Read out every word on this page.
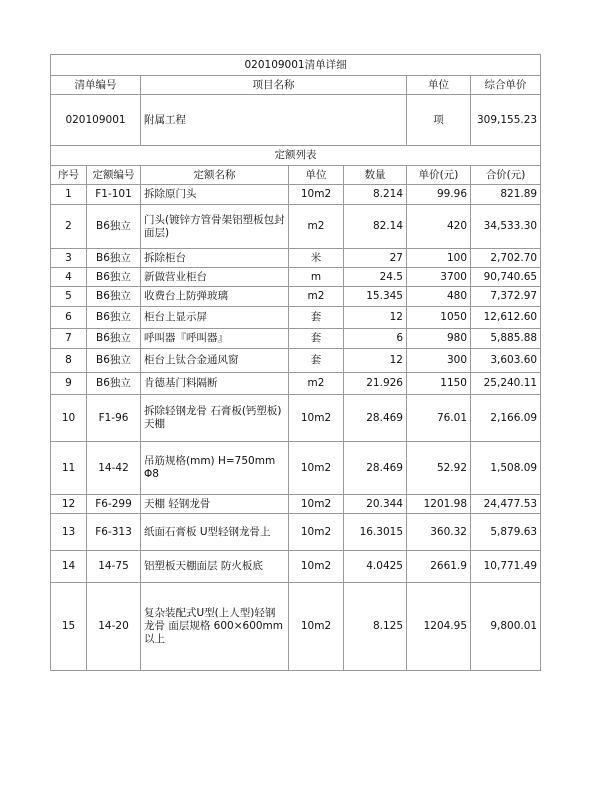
020109001清单详细						
清单编号		项目名称			单位	综合单价
020109001		附属工程			项	309,155.23
定额列表						
序号	定额编号	定额名称	单位	数量	单价(元)	合价(元)
1	F1-101	拆除原门头	10m2	8.214	99.96	821.89
2	B6独立	门头(镀锌方管骨架铝塑板包封面层)	m2	82.14	420	34,533.30
3	B6独立	拆除柜台	米	27	100	2,702.70
4	B6独立	新做营业柜台	m	24.5	3700	90,740.65
5	B6独立	收费台上防弹玻璃	m2	15.345	480	7,372.97
6	B6独立	柜台上显示屏	套	12	1050	12,612.60
7	B6独立	呼叫器『呼叫器』	套	6	980	5,885.88
8	B6独立	柜台上钛合金通风窗	套	12	300	3,603.60
9	B6独立	肯德基门料隔断	m2	21.926	1150	25,240.11
10	F1-96	拆除轻钢龙骨 石膏板(钙塑板)天棚	10m2	28.469	76.01	2,166.09
11	14-42	吊筋规格(mm) H=750mm Φ8	10m2	28.469	52.92	1,508.09
12	F6-299	天棚 轻钢龙骨	10m2	20.344	1201.98	24,477.53
13	F6-313	纸面石膏板 U型轻钢龙骨上	10m2	16.3015	360.32	5,879.63
14	14-75	铝塑板天棚面层 防火板底	10m2	4.0425	2661.9	10,771.49
15	14-20	复杂装配式U型(上人型)轻钢龙骨 面层规格 600×600mm以上	10m2	8.125	1204.95	9,800.01
